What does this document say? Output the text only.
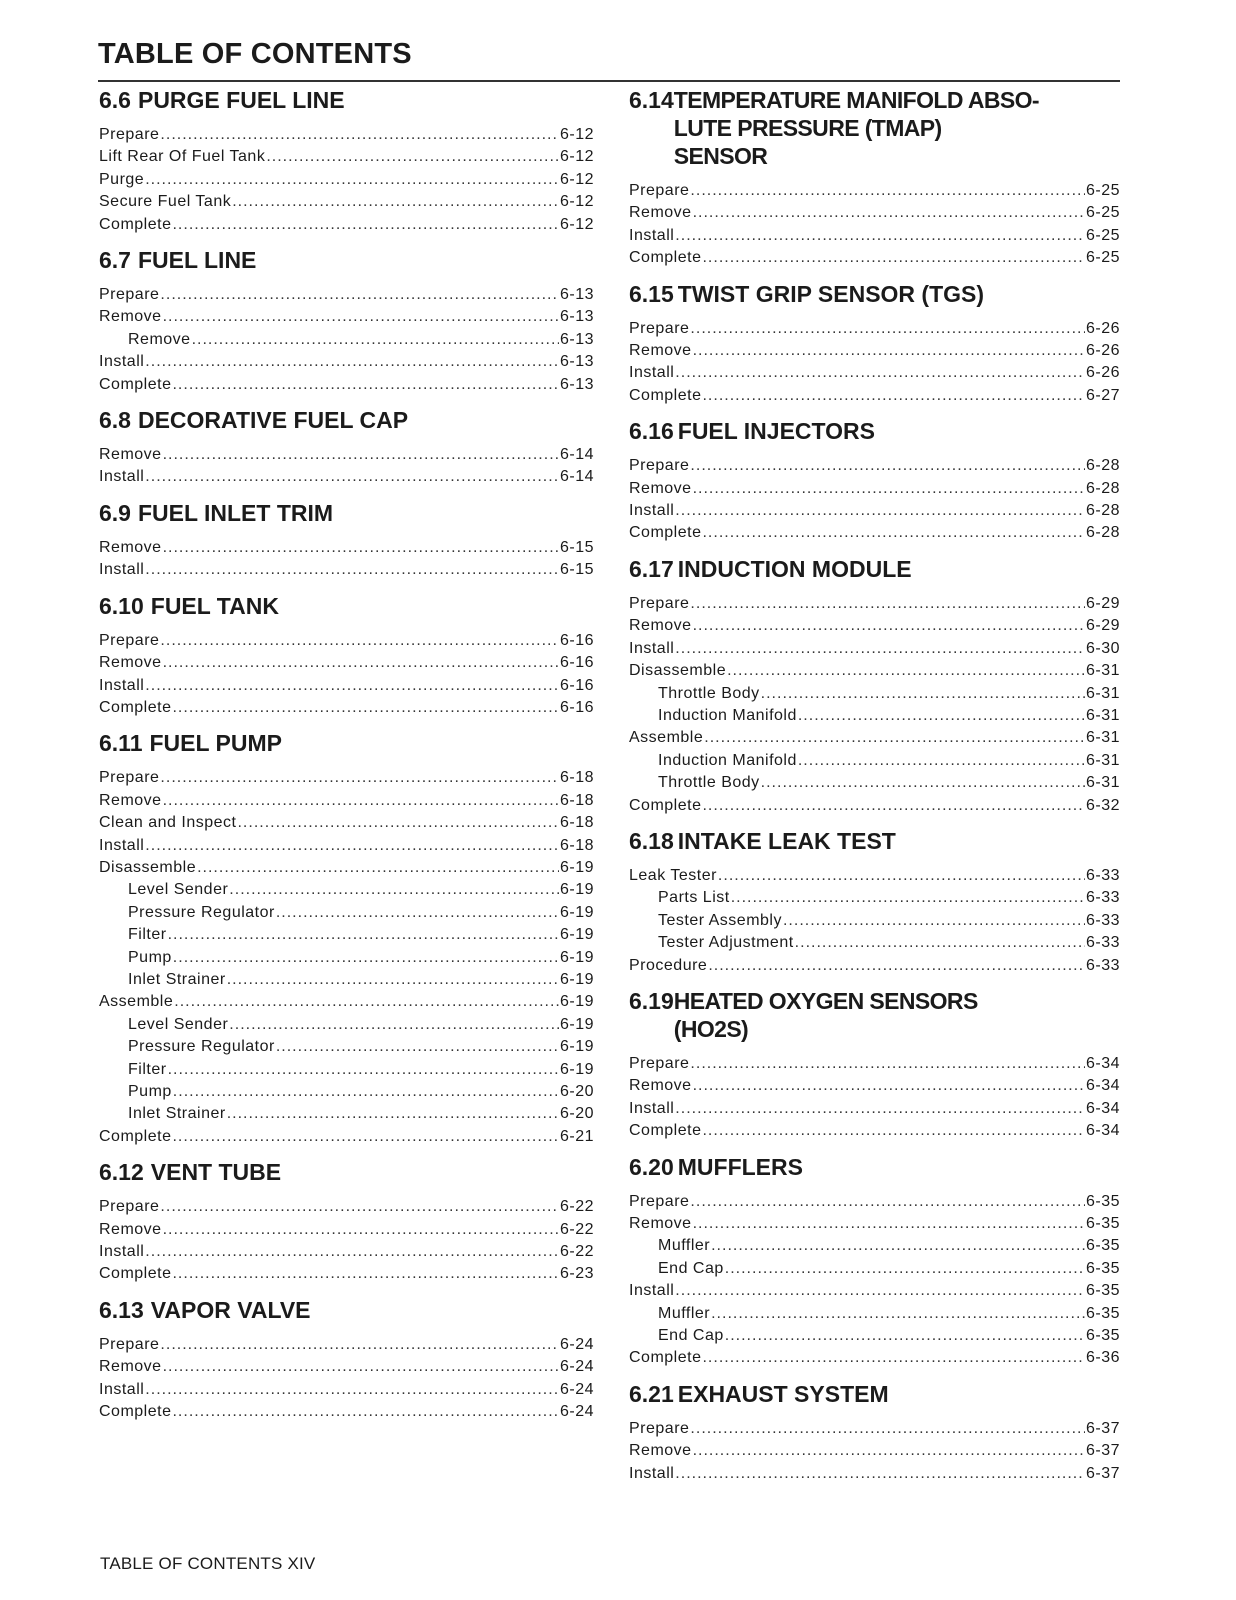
TABLE OF CONTENTS
6.6 PURGE FUEL LINE
Prepare .....	6-12
Lift Rear Of Fuel Tank .....	6-12
Purge .....	6-12
Secure Fuel Tank .....	6-12
Complete .....	6-12
6.7 FUEL LINE
Prepare .....	6-13
Remove .....	6-13
Remove .....	6-13
Install .....	6-13
Complete .....	6-13
6.8 DECORATIVE FUEL CAP
Remove .....	6-14
Install .....	6-14
6.9 FUEL INLET TRIM
Remove .....	6-15
Install .....	6-15
6.10 FUEL TANK
Prepare .....	6-16
Remove .....	6-16
Install .....	6-16
Complete .....	6-16
6.11 FUEL PUMP
Prepare .....	6-18
Remove .....	6-18
Clean and Inspect .....	6-18
Install .....	6-18
Disassemble .....	6-19
Level Sender .....	6-19
Pressure Regulator .....	6-19
Filter .....	6-19
Pump .....	6-19
Inlet Strainer .....	6-19
Assemble .....	6-19
Level Sender .....	6-19
Pressure Regulator .....	6-19
Filter .....	6-19
Pump .....	6-20
Inlet Strainer .....	6-20
Complete .....	6-21
6.12 VENT TUBE
Prepare .....	6-22
Remove .....	6-22
Install .....	6-22
Complete .....	6-23
6.13 VAPOR VALVE
Prepare .....	6-24
Remove .....	6-24
Install .....	6-24
Complete .....	6-24
6.14 TEMPERATURE MANIFOLD ABSO-
LUTE PRESSURE (TMAP)
SENSOR
Prepare .....	6-25
Remove .....	6-25
Install .....	6-25
Complete .....	6-25
6.15 TWIST GRIP SENSOR (TGS)
Prepare .....	6-26
Remove .....	6-26
Install .....	6-26
Complete .....	6-27
6.16 FUEL INJECTORS
Prepare .....	6-28
Remove .....	6-28
Install .....	6-28
Complete .....	6-28
6.17 INDUCTION MODULE
Prepare .....	6-29
Remove .....	6-29
Install .....	6-30
Disassemble .....	6-31
Throttle Body .....	6-31
Induction Manifold .....	6-31
Assemble .....	6-31
Induction Manifold .....	6-31
Throttle Body .....	6-31
Complete .....	6-32
6.18 INTAKE LEAK TEST
Leak Tester .....	6-33
Parts List .....	6-33
Tester Assembly .....	6-33
Tester Adjustment .....	6-33
Procedure .....	6-33
6.19 HEATED OXYGEN SENSORS
(HO2S)
Prepare .....	6-34
Remove .....	6-34
Install .....	6-34
Complete .....	6-34
6.20 MUFFLERS
Prepare .....	6-35
Remove .....	6-35
Muffler .....	6-35
End Cap .....	6-35
Install .....	6-35
Muffler .....	6-35
End Cap .....	6-35
Complete .....	6-36
6.21 EXHAUST SYSTEM
Prepare .....	6-37
Remove .....	6-37
Install .....	6-37
TABLE OF CONTENTS XIV
